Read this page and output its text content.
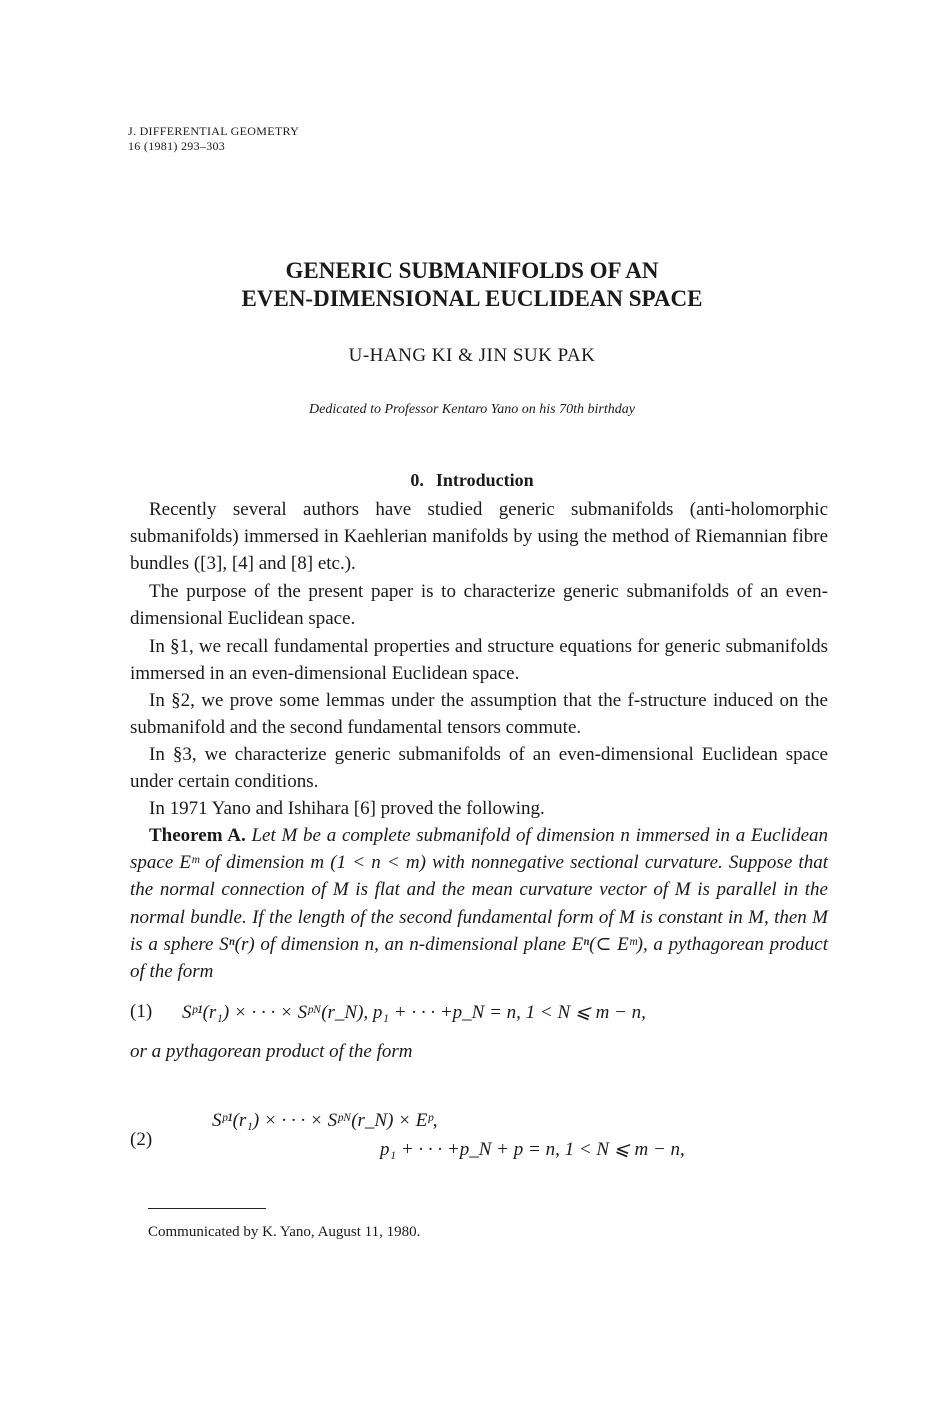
J. DIFFERENTIAL GEOMETRY
16 (1981) 293–303
GENERIC SUBMANIFOLDS OF AN
EVEN-DIMENSIONAL EUCLIDEAN SPACE
U-HANG KI & JIN SUK PAK
Dedicated to Professor Kentaro Yano on his 70th birthday
0. Introduction

Recently several authors have studied generic submanifolds (anti-holomorphic submanifolds) immersed in Kaehlerian manifolds by using the method of Riemannian fibre bundles ([3], [4] and [8] etc.).

The purpose of the present paper is to characterize generic submanifolds of an even-dimensional Euclidean space.

In §1, we recall fundamental properties and structure equations for generic submanifolds immersed in an even-dimensional Euclidean space.

In §2, we prove some lemmas under the assumption that the f-structure induced on the submanifold and the second fundamental tensors commute.

In §3, we characterize generic submanifolds of an even-dimensional Euclidean space under certain conditions.

In 1971 Yano and Ishihara [6] proved the following.

Theorem A. Let M be a complete submanifold of dimension n immersed in a Euclidean space Eᵐ of dimension m (1 < n < m) with nonnegative sectional curvature. Suppose that the normal connection of M is flat and the mean curvature vector of M is parallel in the normal bundle. If the length of the second fundamental form of M is constant in M, then M is a sphere Sⁿ(r) of dimension n, an n-dimensional plane Eⁿ(⊂ Eᵐ), a pythagorean product of the form

(1) Sᵖ¹(r₁) × · · · × Sᵖᴺ(r_N), p₁ + · · · +p_N = n, 1 < N ⩽ m − n,
or a pythagorean product of the form
(2)
Sᵖ¹(r₁) × · · · × Sᵖᴺ(r_N) × Eᵖ,
p₁ + · · · +p_N + p = n, 1 < N ⩽ m − n,
Communicated by K. Yano, August 11, 1980.
